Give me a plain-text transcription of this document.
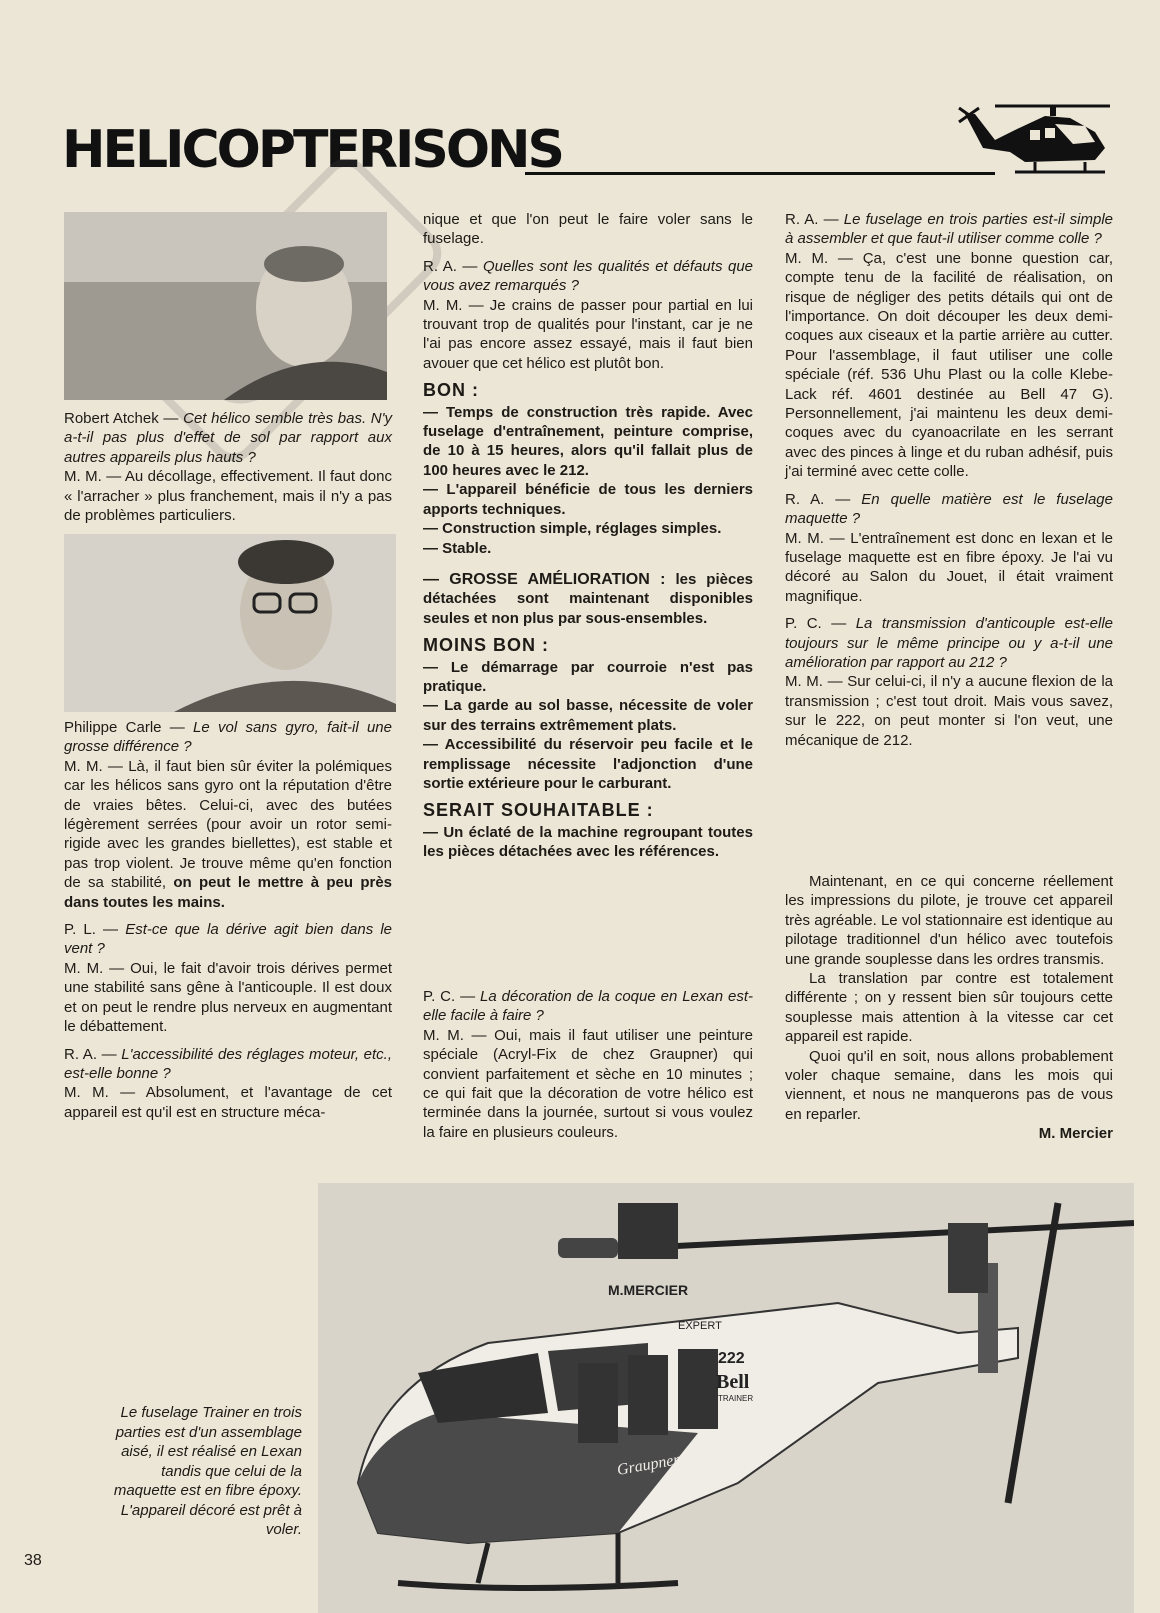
HELICOPTERISONS

Robert Atchek — Cet hélico semble très bas. N'y a-t-il pas plus d'effet de sol par rapport aux autres appareils plus hauts ?
M. M. — Au décollage, effectivement. Il faut donc « l'arracher » plus franchement, mais il n'y a pas de problèmes particuliers.

Philippe Carle — Le vol sans gyro, fait-il une grosse différence ?
M. M. — Là, il faut bien sûr éviter la polémiques car les hélicos sans gyro ont la réputation d'être de vraies bêtes. Celui-ci, avec des butées légèrement serrées (pour avoir un rotor semi-rigide avec les grandes biellettes), est stable et pas trop violent. Je trouve même qu'en fonction de sa stabilité, on peut le mettre à peu près dans toutes les mains.

P. L. — Est-ce que la dérive agit bien dans le vent ?
M. M. — Oui, le fait d'avoir trois dérives permet une stabilité sans gêne à l'anticouple. Il est doux et on peut le rendre plus nerveux en augmentant le débattement.

R. A. — L'accessibilité des réglages moteur, etc., est-elle bonne ?
M. M. — Absolument, et l'avantage de cet appareil est qu'il est en structure méca-

nique et que l'on peut le faire voler sans le fuselage.

R. A. — Quelles sont les qualités et défauts que vous avez remarqués ?
M. M. — Je crains de passer pour partial en lui trouvant trop de qualités pour l'instant, car je ne l'ai pas encore assez essayé, mais il faut bien avouer que cet hélico est plutôt bon.

BON :

— Temps de construction très rapide. Avec fuselage d'entraînement, peinture comprise, de 10 à 15 heures, alors qu'il fallait plus de 100 heures avec le 212.

— L'appareil bénéficie de tous les derniers apports techniques.

— Construction simple, réglages simples.

— Stable.

— GROSSE AMÉLIORATION : les pièces détachées sont maintenant disponibles seules et non plus par sous-ensembles.

MOINS BON :

— Le démarrage par courroie n'est pas pratique.

— La garde au sol basse, nécessite de voler sur des terrains extrêmement plats.

— Accessibilité du réservoir peu facile et le remplissage nécessite l'adjonction d'une sortie extérieure pour le carburant.

SERAIT SOUHAITABLE :

— Un éclaté de la machine regroupant toutes les pièces détachées avec les références.

P. C. — La décoration de la coque en Lexan est-elle facile à faire ?
M. M. — Oui, mais il faut utiliser une peinture spéciale (Acryl-Fix de chez Graupner) qui convient parfaitement et sèche en 10 minutes ; ce qui fait que la décoration de votre hélico est terminée dans la journée, surtout si vous voulez la faire en plusieurs couleurs.

R. A. — Le fuselage en trois parties est-il simple à assembler et que faut-il utiliser comme colle ?
M. M. — Ça, c'est une bonne question car, compte tenu de la facilité de réalisation, on risque de négliger des petits détails qui ont de l'importance. On doit découper les deux demi-coques aux ciseaux et la partie arrière au cutter. Pour l'assemblage, il faut utiliser une colle spéciale (réf. 536 Uhu Plast ou la colle Klebe-Lack réf. 4601 destinée au Bell 47 G). Personnellement, j'ai maintenu les deux demi-coques avec du cyanoacrilate en les serrant avec des pinces à linge et du ruban adhésif, puis j'ai terminé avec cette colle.

R. A. — En quelle matière est le fuselage maquette ?
M. M. — L'entraînement est donc en lexan et le fuselage maquette est en fibre époxy. Je l'ai vu décoré au Salon du Jouet, il était vraiment magnifique.

P. C. — La transmission d'anticouple est-elle toujours sur le même principe ou y a-t-il une amélioration par rapport au 212 ?
M. M. — Sur celui-ci, il n'y a aucune flexion de la transmission ; c'est tout droit. Mais vous savez, sur le 222, on peut monter si l'on veut, une mécanique de 212.

Maintenant, en ce qui concerne réellement les impressions du pilote, je trouve cet appareil très agréable. Le vol stationnaire est identique au pilotage traditionnel d'un hélico avec toutefois une grande souplesse dans les ordres transmis.

La translation par contre est totalement différente ; on y ressent bien sûr toujours cette souplesse mais attention à la vitesse car cet appareil est rapide.

Quoi qu'il en soit, nous allons probablement voler chaque semaine, dans les mois qui viennent, et nous ne manquerons pas de vous en reparler.

M. Mercier
M.MERCIER
EXPERT
222
Bell
TRAINER
Graupner
Le fuselage Trainer en trois parties est d'un assemblage aisé, il est réalisé en Lexan tandis que celui de la maquette est en fibre époxy. L'appareil décoré est prêt à voler.
38
